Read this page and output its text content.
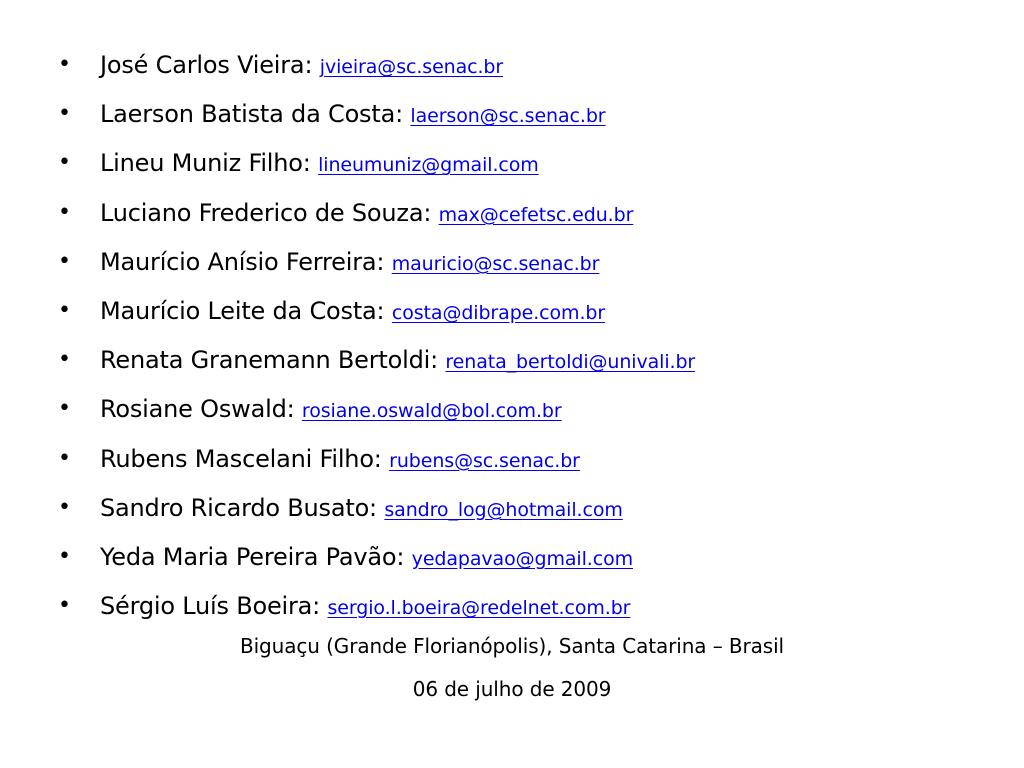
• José Carlos Vieira: jvieira@sc.senac.br
• Laerson Batista da Costa: laerson@sc.senac.br
• Lineu Muniz Filho: lineumuniz@gmail.com
• Luciano Frederico de Souza: max@cefetsc.edu.br
• Maurício Anísio Ferreira: mauricio@sc.senac.br
• Maurício Leite da Costa: costa@dibrape.com.br
• Renata Granemann Bertoldi: renata_bertoldi@univali.br
• Rosiane Oswald: rosiane.oswald@bol.com.br
• Rubens Mascelani Filho: rubens@sc.senac.br
• Sandro Ricardo Busato: sandro_log@hotmail.com
• Yeda Maria Pereira Pavão: yedapavao@gmail.com
• Sérgio Luís Boeira: sergio.l.boeira@redelnet.com.br
Biguaçu (Grande Florianópolis), Santa Catarina – Brasil
06 de julho de 2009
